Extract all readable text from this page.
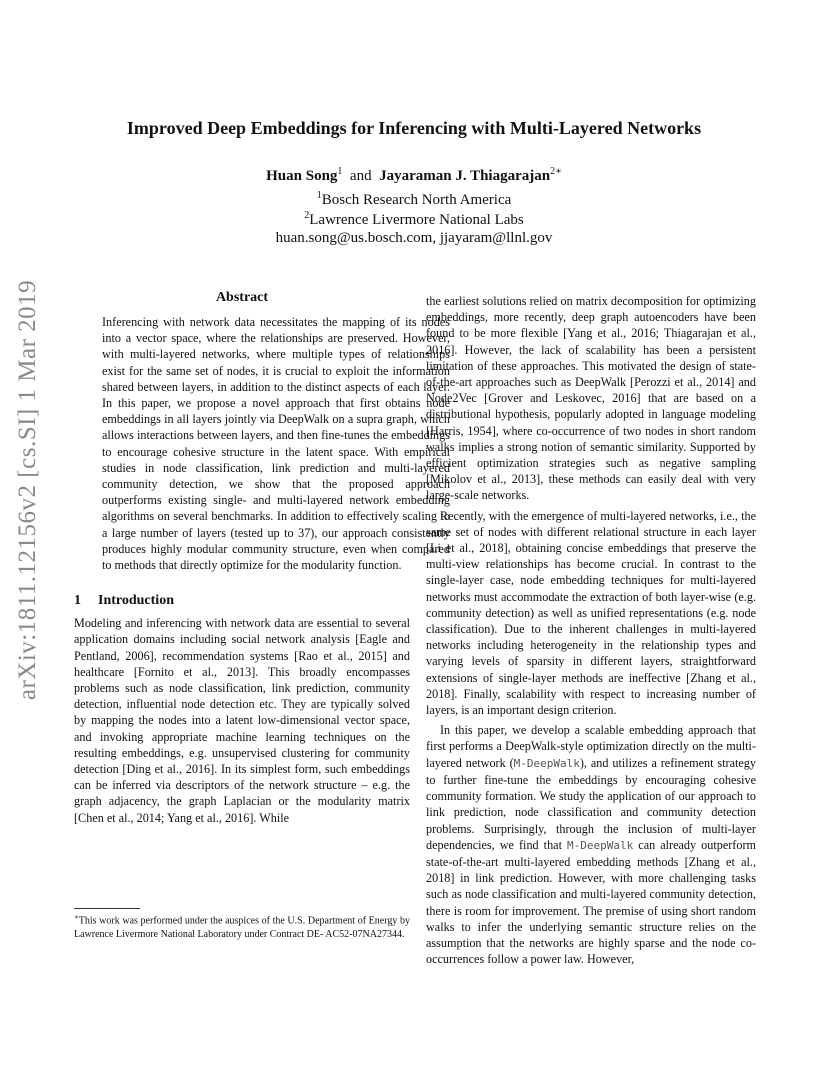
arXiv:1811.12156v2 [cs.SI] 1 Mar 2019
Improved Deep Embeddings for Inferencing with Multi-Layered Networks
Huan Song$^1$ and Jayaraman J. Thiagarajan$^{2∗}$
$^1$Bosch Research North America
$^2$Lawrence Livermore National Labs
huan.song@us.bosch.com, jjayaram@llnl.gov
Abstract

Inferencing with network data necessitates the mapping of its nodes into a vector space, where the relationships are preserved. However, with multi-layered networks, where multiple types of relationships exist for the same set of nodes, it is crucial to exploit the information shared between layers, in addition to the distinct aspects of each layer. In this paper, we propose a novel approach that first obtains node embeddings in all layers jointly via DeepWalk on a supra graph, which allows interactions between layers, and then fine-tunes the embeddings to encourage cohesive structure in the latent space. With empirical studies in node classification, link prediction and multi-layered community detection, we show that the proposed approach outperforms existing single- and multi-layered network embedding algorithms on several benchmarks. In addition to effectively scaling to a large number of layers (tested up to 37), our approach consistently produces highly modular community structure, even when compared to methods that directly optimize for the modularity function.

1 Introduction

Modeling and inferencing with network data are essential to several application domains including social network analysis [Eagle and Pentland, 2006], recommendation systems [Rao et al., 2015] and healthcare [Fornito et al., 2013]. This broadly encompasses problems such as node classification, link prediction, community detection, influential node detection etc. They are typically solved by mapping the nodes into a latent low-dimensional vector space, and invoking appropriate machine learning techniques on the resulting embeddings, e.g. unsupervised clustering for community detection [Ding et al., 2016]. In its simplest form, such embeddings can be inferred via descriptors of the network structure – e.g. the graph adjacency, the graph Laplacian or the modularity matrix [Chen et al., 2014; Yang et al., 2016]. While

the earliest solutions relied on matrix decomposition for optimizing embeddings, more recently, deep graph autoencoders have been found to be more flexible [Yang et al., 2016; Thiagarajan et al., 2016]. However, the lack of scalability has been a persistent limitation of these approaches. This motivated the design of state-of-the-art approaches such as DeepWalk [Perozzi et al., 2014] and Node2Vec [Grover and Leskovec, 2016] that are based on a distributional hypothesis, popularly adopted in language modeling [Harris, 1954], where co-occurrence of two nodes in short random walks implies a strong notion of semantic similarity. Supported by efficient optimization strategies such as negative sampling [Mikolov et al., 2013], these methods can easily deal with very large-scale networks.

Recently, with the emergence of multi-layered networks, i.e., the same set of nodes with different relational structure in each layer [Li et al., 2018], obtaining concise embeddings that preserve the multi-view relationships has become crucial. In contrast to the single-layer case, node embedding techniques for multi-layered networks must accommodate the extraction of both layer-wise (e.g. community detection) as well as unified representations (e.g. node classification). Due to the inherent challenges in multi-layered networks including heterogeneity in the relationship types and varying levels of sparsity in different layers, straightforward extensions of single-layer methods are ineffective [Zhang et al., 2018]. Finally, scalability with respect to increasing number of layers, is an important design criterion.

In this paper, we develop a scalable embedding approach that first performs a DeepWalk-style optimization directly on the multi-layered network (M-DeepWalk), and utilizes a refinement strategy to further fine-tune the embeddings by encouraging cohesive community formation. We study the application of our approach to link prediction, node classification and community detection problems. Surprisingly, through the inclusion of multi-layer dependencies, we find that M-DeepWalk can already outperform state-of-the-art multi-layered embedding methods [Zhang et al., 2018] in link prediction. However, with more challenging tasks such as node classification and multi-layered community detection, there is room for improvement. The premise of using short random walks to infer the underlying semantic structure relies on the assumption that the networks are highly sparse and the node co-occurrences follow a power law. However,

∗This work was performed under the auspices of the U.S. Department of Energy by Lawrence Livermore National Laboratory under Contract DE- AC52-07NA27344.
